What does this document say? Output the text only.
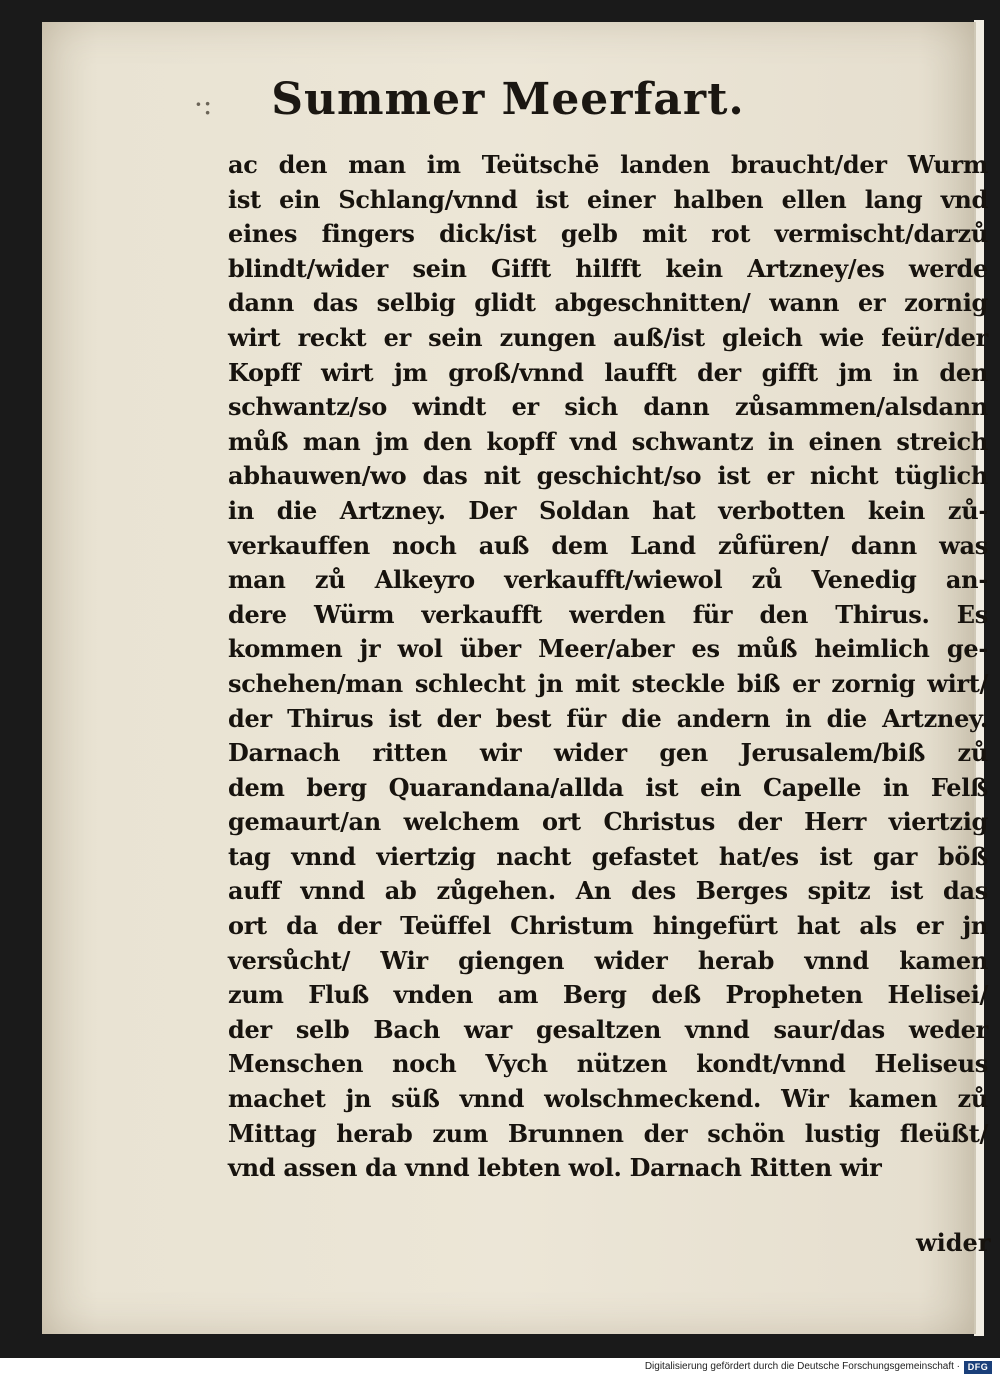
·:	Summer Meerfart.
ac den man im Teütschē landen braucht/der Wurm
ist ein Schlang/vnnd ist einer halben ellen lang vnd
eines fingers dick/ist gelb mit rot vermischt/darzů
blindt/wider sein Gifft hilfft kein Artzney/es werde
dann das selbig glidt abgeschnitten/ wann er zornig
wirt reckt er sein zungen auß/ist gleich wie feür/der
Kopff wirt jm groß/vnnd laufft der gifft jm in den
schwantz/so windt er sich dann zůsammen/alsdann
můß man jm den kopff vnd schwantz in einen streich
abhauwen/wo das nit geschicht/so ist er nicht tüglich
in die Artzney. Der Soldan hat verbotten kein zů-
verkauffen noch auß dem Land zůfüren/ dann was
man zů Alkeyro verkaufft/wiewol zů Venedig an-
dere Würm verkaufft werden für den Thirus. Es
kommen jr wol über Meer/aber es můß heimlich ge-
schehen/man schlecht jn mit steckle biß er zornig wirt/
der Thirus ist der best für die andern in die Artzney.
Darnach ritten wir wider gen Jerusalem/biß zů
dem berg Quarandana/allda ist ein Capelle in Felß
gemaurt/an welchem ort Christus der Herr viertzig
tag vnnd viertzig nacht gefastet hat/es ist gar böß
auff vnnd ab zůgehen. An des Berges spitz ist das
ort da der Teüffel Christum hingefürt hat als er jn
versůcht/ Wir giengen wider herab vnnd kamen
zum Fluß vnden am Berg deß Propheten Helisei/
der selb Bach war gesaltzen vnnd saur/das weder
Menschen noch Vych nützen kondt/vnnd Heliseus
machet jn süß vnnd wolschmeckend. Wir kamen zů
Mittag herab zum Brunnen der schön lustig fleüßt/
vnd assen da vnnd lebten wol. Darnach Ritten wir
wider
Digitalisierung gefördert durch die Deutsche Forschungsgemeinschaft · DFG
